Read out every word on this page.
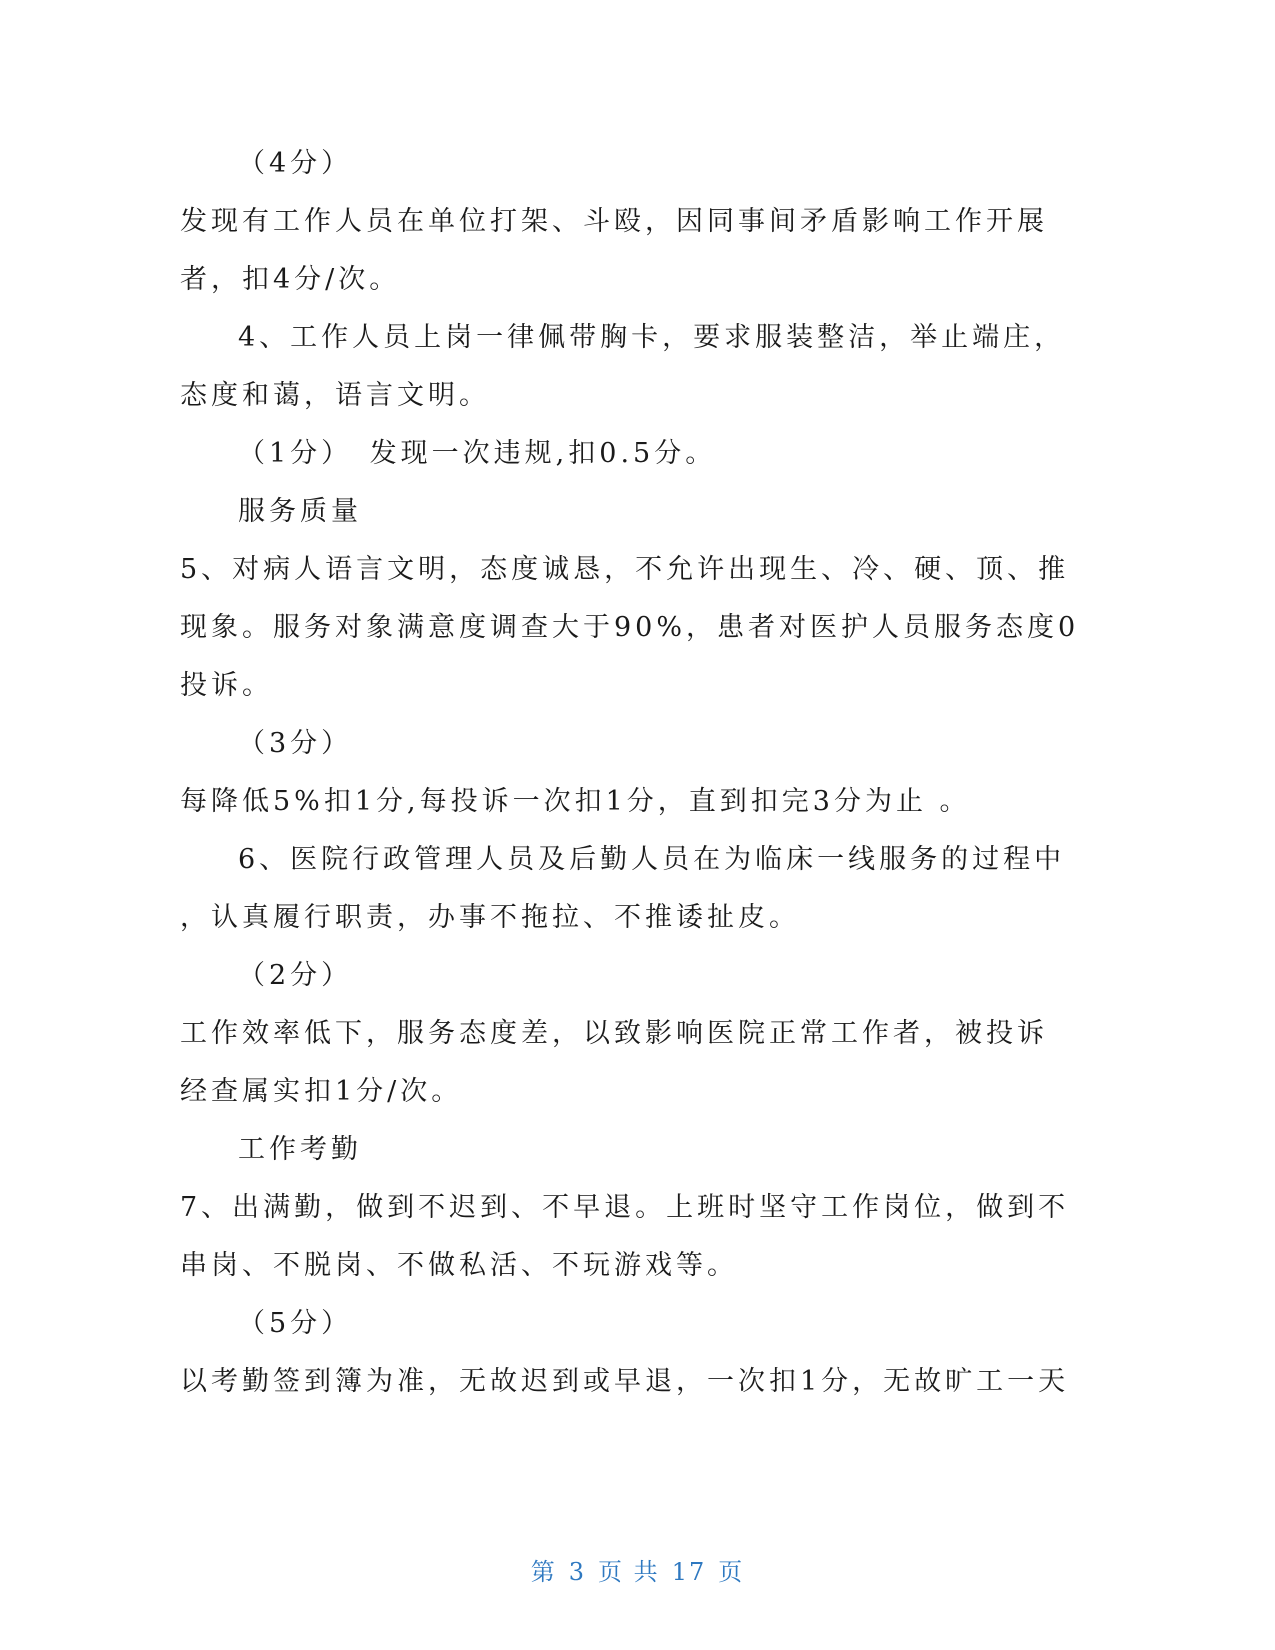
（4分）
发现有工作人员在单位打架、斗殴，因同事间矛盾影响工作开展
者，扣4分/次。
4、工作人员上岗一律佩带胸卡，要求服装整洁，举止端庄，
态度和蔼，语言文明。
（1分）　发现一次违规,扣0.5分。
服务质量
5、对病人语言文明，态度诚恳，不允许出现生、冷、硬、顶、推
现象。服务对象满意度调查大于90%，患者对医护人员服务态度0
投诉。
（3分）
每降低5%扣1分,每投诉一次扣1分，直到扣完3分为止 。
6、医院行政管理人员及后勤人员在为临床一线服务的过程中
，认真履行职责，办事不拖拉、不推诿扯皮。
（2分）
工作效率低下，服务态度差，以致影响医院正常工作者，被投诉
经查属实扣1分/次。
工作考勤
7、出满勤，做到不迟到、不早退。上班时坚守工作岗位，做到不
串岗、不脱岗、不做私活、不玩游戏等。
（5分）
以考勤签到簿为准，无故迟到或早退，一次扣1分，无故旷工一天
第 3 页 共 17 页
